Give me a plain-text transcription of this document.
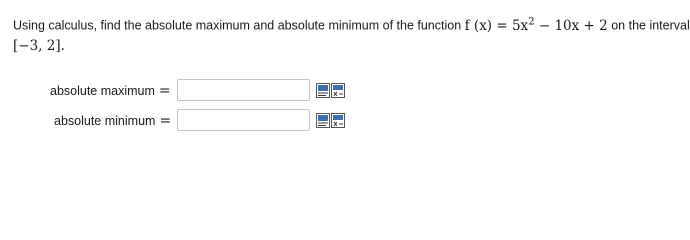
Using calculus, find the absolute maximum and absolute minimum of the function f $(x) = 5x^2 - 10x + 2$ on the interval
[−3, 2].
absolute maximum =
absolute minimum =
